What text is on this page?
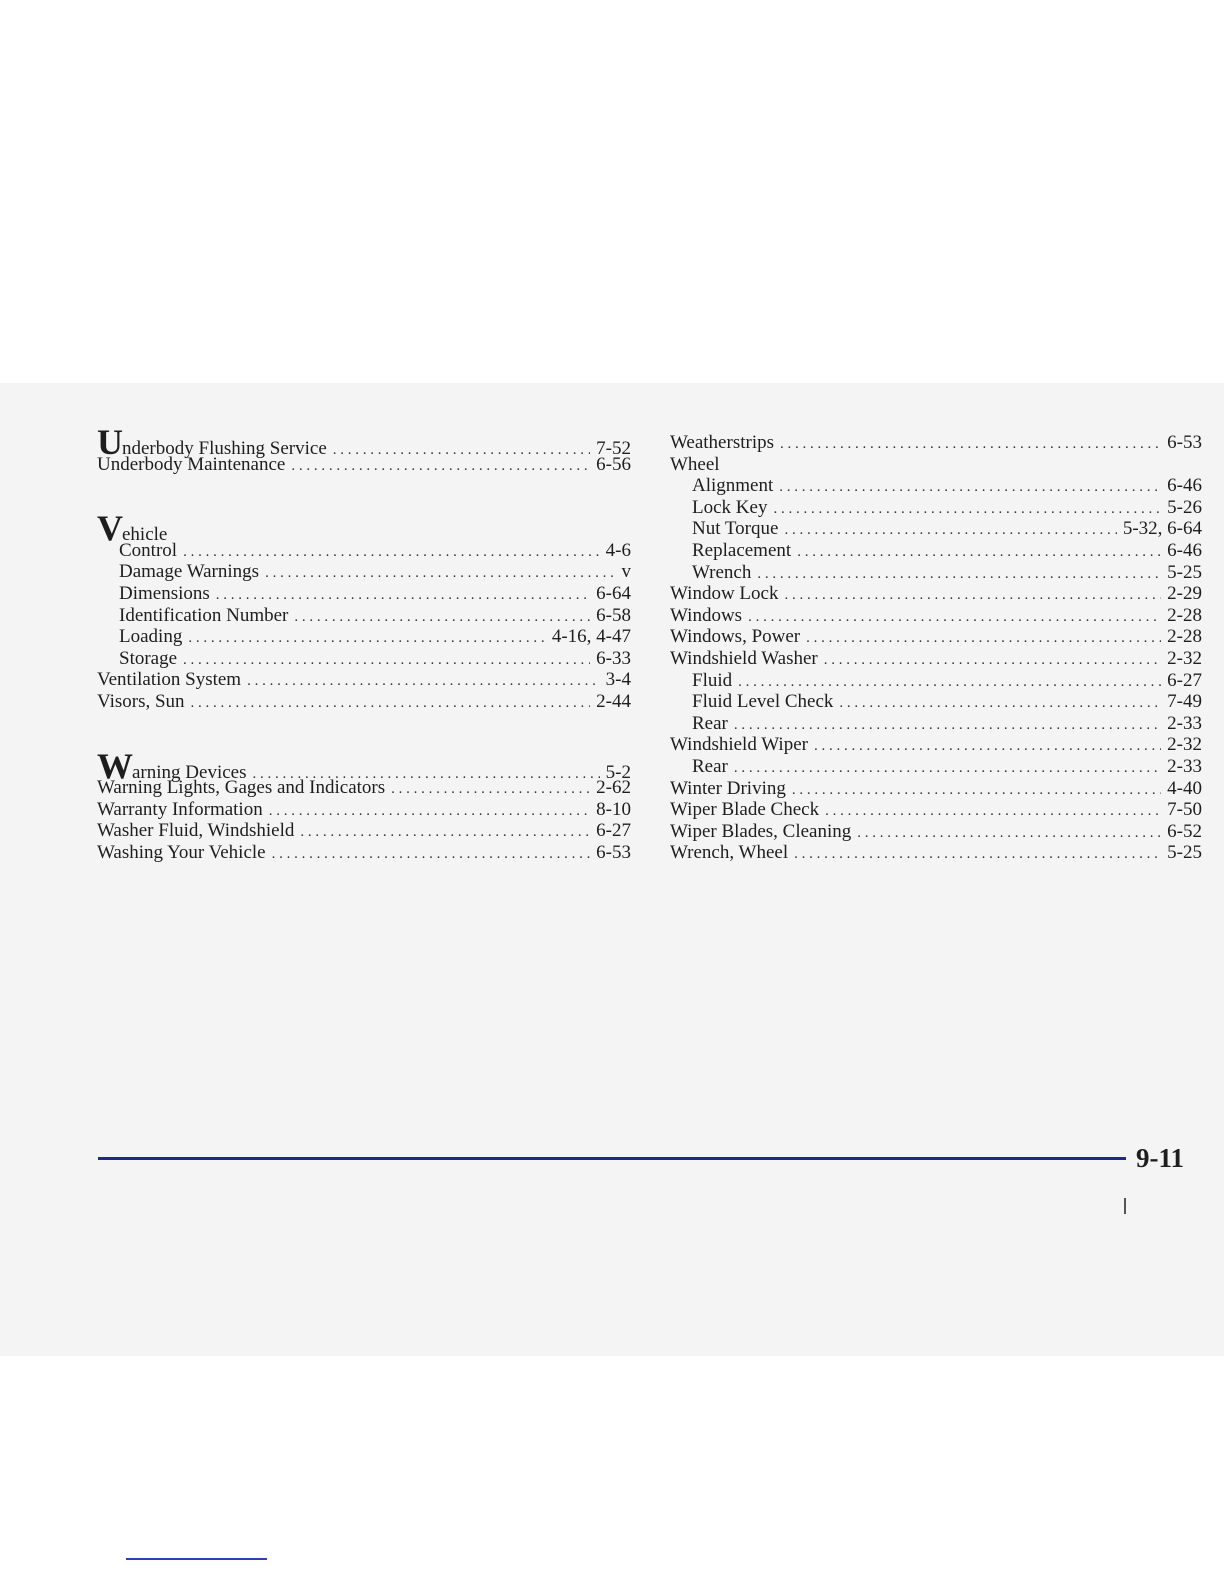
Underbody Flushing Service . . .	7-52
Underbody Maintenance . . .	6-56
Vehicle
Control . . .	4-6
Damage Warnings . . .	v
Dimensions . . .	6-64
Identification Number . . .	6-58
Loading . . .	4-16, 4-47
Storage . . .	6-33
Ventilation System . . .	3-4
Visors, Sun . . .	2-44
Warning Devices . . .	5-2
Warning Lights, Gages and Indicators . . .	2-62
Warranty Information . . .	8-10
Washer Fluid, Windshield . . .	6-27
Washing Your Vehicle . . .	6-53
Weatherstrips . . .	6-53
Wheel
Alignment . . .	6-46
Lock Key . . .	5-26
Nut Torque . . .	5-32, 6-64
Replacement . . .	6-46
Wrench . . .	5-25
Window Lock . . .	2-29
Windows . . .	2-28
Windows, Power . . .	2-28
Windshield Washer . . .	2-32
Fluid . . .	6-27
Fluid Level Check . . .	7-49
Rear . . .	2-33
Windshield Wiper . . .	2-32
Rear . . .	2-33
Winter Driving . . .	4-40
Wiper Blade Check . . .	7-50
Wiper Blades, Cleaning . . .	6-52
Wrench, Wheel . . .	5-25
9-11
